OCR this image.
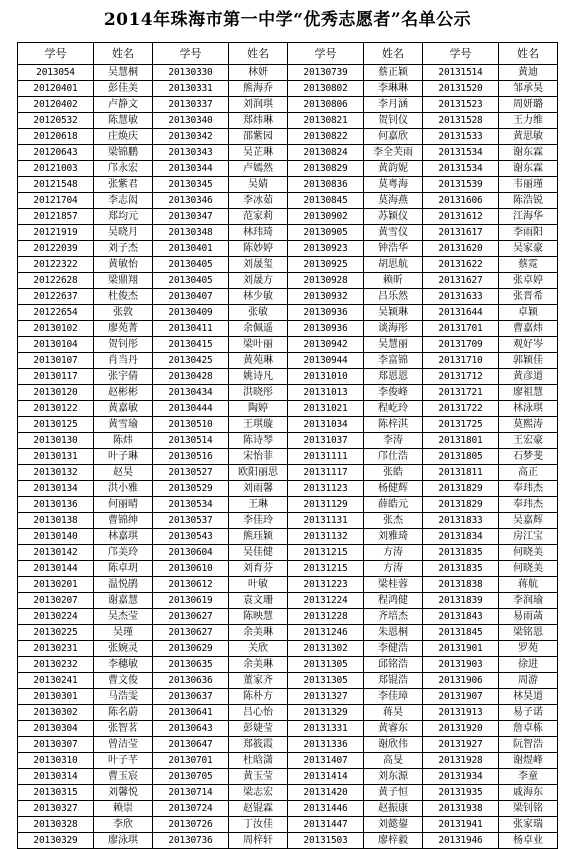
2014年珠海市第一中学“优秀志愿者”名单公示
学号	姓名	学号	姓名	学号	姓名	学号	姓名
2013054	吴慧桐	20130330	林妍	20130739	蔡正颖	20131514	黄迪
20120401	彭佳美	20130331	熊海乔	20130802	李琳琳	20131520	邹承昊
20120402	卢静文	20130337	刘润琪	20130806	李月涵	20131523	周妍璐
20120532	陈慧敏	20130340	郑炜琳	20130821	贺钊仪	20131528	王力维
20120618	庄焕庆	20130342	邵紫园	20130822	何嘉欣	20131533	黄思敏
20120643	梁锦鹏	20130343	吴芷琳	20130824	李全芙雨	20131534	谢东霖
20121003	邝永宏	20130344	卢嫣然	20130829	黄韵妮	20131534	谢东霖
20121548	张紫君	20130345	吴婧	20130836	莫粤海	20131539	韦丽瑾
20121704	李志闳	20130346	李冰茹	20130845	莫海燕	20131606	陈浩锐
20121857	郑均元	20130347	范家莉	20130902	苏颖仪	20131612	江海华
20121919	吴晓月	20130348	林玮琦	20130905	黄雪仪	20131617	李雨阳
20122039	刘子杰	20130401	陈妙婷	20130923	钟浩华	20131620	吴家豪
20122322	黄敏怡	20130405	刘晟玺	20130925	胡思航	20131622	蔡霓
20122628	梁鼎翔	20130405	刘晟方	20130928	赖昕	20131627	张卓婷
20122637	杜俊杰	20130407	林少敏	20130932	吕乐然	20131633	张晋希
20122654	张敦	20130409	张敏	20130936	吴颖琳	20131644	卓颖
20130102	廖苑菁	20130411	余佩遥	20130936	谈海彤	20131701	曹嘉炜
20130104	贺钊彤	20130415	梁叶丽	20130942	吴慧丽	20131709	观好岑
20130107	肖当丹	20130425	黄苑琳	20130944	李富锦	20131710	郭颖佳
20130117	张宇倩	20130428	姚诗凡	20131010	郑恩恩	20131712	黄彦道
20130120	赵彬彬	20130434	洪晓彤	20131013	李俊峰	20131721	廖祖慧
20130122	黄嘉敏	20130444	陶婷	20131021	程屹玲	20131722	林泳琪
20130125	黄雪瑜	20130510	王琪璇	20131034	陈梓淇	20131725	莫熙涛
20130130	陈炜	20130514	陈诗琴	20131037	李涛	20131801	王宏豪
20130131	叶子琳	20130516	宋怡菲	20131111	邝仕浩	20131805	石梦斐
20130132	赵昊	20130527	欧阳丽思	20131117	张皓	20131811	高正
20130134	洪小雅	20130529	刘雨馨	20131123	杨健辉	20131829	奉玮杰
20130136	何丽晴	20130534	王琳	20131129	薛皓元	20131829	奉玮杰
20130138	曹锦绅	20130537	李佳玲	20131131	张杰	20131833	吴嘉辉
20130140	林嘉琪	20130543	熊珏颖	20131132	刘雅琦	20131834	房江宝
20130142	邝美玲	20130604	吴佳健	20131215	方涛	20131835	何晓美
20130144	陈卓玥	20130610	刘育芬	20131215	方涛	20131835	何晓美
20130201	温悦鹃	20130612	叶敏	20131223	梁桂蓉	20131838	蒋航
20130207	谢嘉慧	20130619	袁文珊	20131224	程鸿健	20131839	李润瑜
20130224	吴杰莹	20130627	陈映慧	20131228	齐培杰	20131843	易雨菡
20130225	吴瑾	20130627	余美琳	20131246	朱恩桐	20131845	梁铭恩
20130231	张婉灵	20130629	关欣	20131302	李健浩	20131901	罗苑
20130232	李穗敏	20130635	余美琳	20131305	邱铭浩	20131903	徐进
20130241	曹文俊	20130636	董家齐	20131305	郑锟浩	20131906	周游
20130301	马浩雯	20130637	陈朴方	20131327	李佳璋	20131907	林昊道
20130302	陈名蔚	20130641	吕心怡	20131329	蒋昊	20131913	易子诺
20130304	张智茗	20130643	彭婕莹	20131331	黄睿东	20131920	詹卓栋
20130307	曾洁莹	20130647	郑筱霞	20131336	谢欣伟	20131927	阮智浩
20130310	叶子芊	20130701	杜晗潇	20131407	高旻	20131928	谢煜峰
20130314	曹玉宸	20130705	黄玉莹	20131414	刘东源	20131934	李童
20130315	刘馨悦	20130714	梁志宏	20131420	黄子恒	20131935	戚海东
20130327	赖崇	20130724	赵锟霖	20131446	赵振康	20131938	梁钊铭
20130328	李欣	20130726	丁汝佳	20131447	刘懿鋆	20131941	张家瑞
20130329	廖泳琪	20130736	周梓轩	20131503	廖梓毅	20131946	杨卓业
